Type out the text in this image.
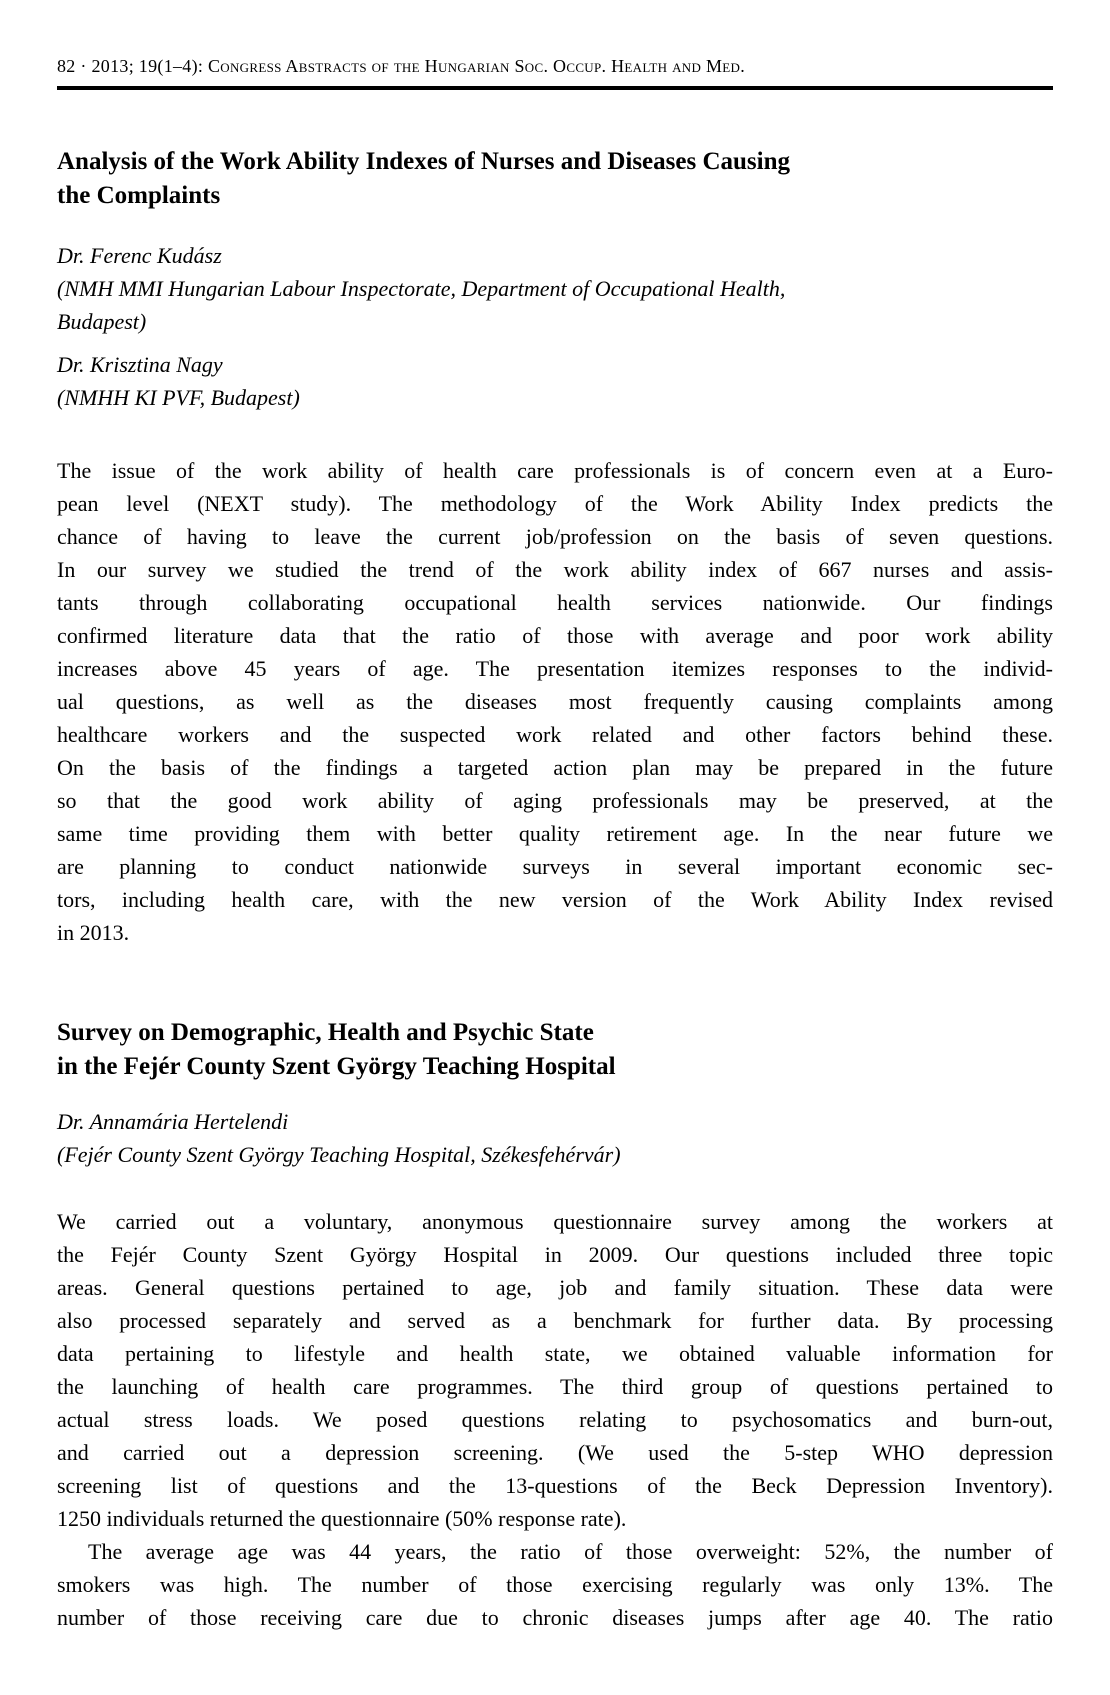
82 · 2013; 19(1–4): Congress Abstracts of the Hungarian Soc. Occup. Health and Med.
Analysis of the Work Ability Indexes of Nurses and Diseases Causing
the Complaints
Dr. Ferenc Kudász
(NMH MMI Hungarian Labour Inspectorate, Department of Occupational Health,
Budapest)
Dr. Krisztina Nagy
(NMHH KI PVF, Budapest)
The issue of the work ability of health care professionals is of concern even at a Euro-
pean level (NEXT study). The methodology of the Work Ability Index predicts the
chance of having to leave the current job/profession on the basis of seven questions.
In our survey we studied the trend of the work ability index of 667 nurses and assis-
tants through collaborating occupational health services nationwide. Our findings
confirmed literature data that the ratio of those with average and poor work ability
increases above 45 years of age. The presentation itemizes responses to the individ-
ual questions, as well as the diseases most frequently causing complaints among
healthcare workers and the suspected work related and other factors behind these.
On the basis of the findings a targeted action plan may be prepared in the future
so that the good work ability of aging professionals may be preserved, at the
same time providing them with better quality retirement age. In the near future we
are planning to conduct nationwide surveys in several important economic sec-
tors, including health care, with the new version of the Work Ability Index revised
in 2013.
Survey on Demographic, Health and Psychic State
in the Fejér County Szent György Teaching Hospital
Dr. Annamária Hertelendi
(Fejér County Szent György Teaching Hospital, Székesfehérvár)
We carried out a voluntary, anonymous questionnaire survey among the workers at
the Fejér County Szent György Hospital in 2009. Our questions included three topic
areas. General questions pertained to age, job and family situation. These data were
also processed separately and served as a benchmark for further data. By processing
data pertaining to lifestyle and health state, we obtained valuable information for
the launching of health care programmes. The third group of questions pertained to
actual stress loads. We posed questions relating to psychosomatics and burn-out,
and carried out a depression screening. (We used the 5-step WHO depression
screening list of questions and the 13-questions of the Beck Depression Inventory).
1250 individuals returned the questionnaire (50% response rate).
The average age was 44 years, the ratio of those overweight: 52%, the number of
smokers was high. The number of those exercising regularly was only 13%. The
number of those receiving care due to chronic diseases jumps after age 40. The ratio
